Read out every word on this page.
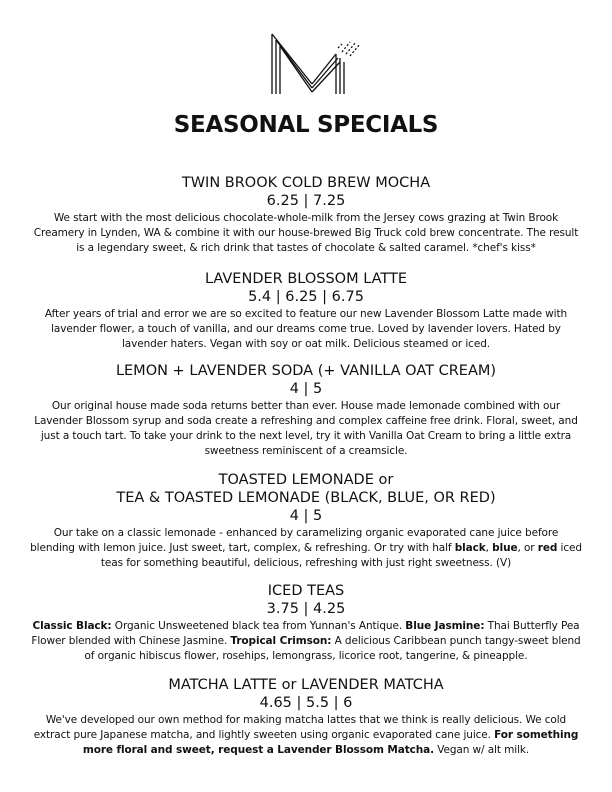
SEASONAL SPECIALS

TWIN BROOK COLD BREW MOCHA

6.25 | 7.25

We start with the most delicious chocolate-whole-milk from the Jersey cows grazing at Twin Brook Creamery in Lynden, WA & combine it with our house-brewed Big Truck cold brew concentrate. The result is a legendary sweet, & rich drink that tastes of chocolate & salted caramel. *chef's kiss*

LAVENDER BLOSSOM LATTE

5.4 | 6.25 | 6.75

After years of trial and error we are so excited to feature our new Lavender Blossom Latte made with lavender flower, a touch of vanilla, and our dreams come true. Loved by lavender lovers. Hated by lavender haters. Vegan with soy or oat milk. Delicious steamed or iced.

LEMON + LAVENDER SODA (+ VANILLA OAT CREAM)

4 | 5

Our original house made soda returns better than ever. House made lemonade combined with our Lavender Blossom syrup and soda create a refreshing and complex caffeine free drink. Floral, sweet, and just a touch tart. To take your drink to the next level, try it with Vanilla Oat Cream to bring a little extra sweetness reminiscent of a creamsicle.

TOASTED LEMONADE or

TEA & TOASTED LEMONADE (BLACK, BLUE, OR RED)

4 | 5

Our take on a classic lemonade - enhanced by caramelizing organic evaporated cane juice before blending with lemon juice. Just sweet, tart, complex, & refreshing. Or try with half black, blue, or red iced teas for something beautiful, delicious, refreshing with just right sweetness. (V)

ICED TEAS

3.75 | 4.25

Classic Black: Organic Unsweetened black tea from Yunnan's Antique. Blue Jasmine: Thai Butterfly Pea Flower blended with Chinese Jasmine. Tropical Crimson: A delicious Caribbean punch tangy-sweet blend of organic hibiscus flower, rosehips, lemongrass, licorice root, tangerine, & pineapple.

MATCHA LATTE or LAVENDER MATCHA

4.65 | 5.5 | 6

We've developed our own method for making matcha lattes that we think is really delicious. We cold extract pure Japanese matcha, and lightly sweeten using organic evaporated cane juice. For something more floral and sweet, request a Lavender Blossom Matcha. Vegan w/ alt milk.
